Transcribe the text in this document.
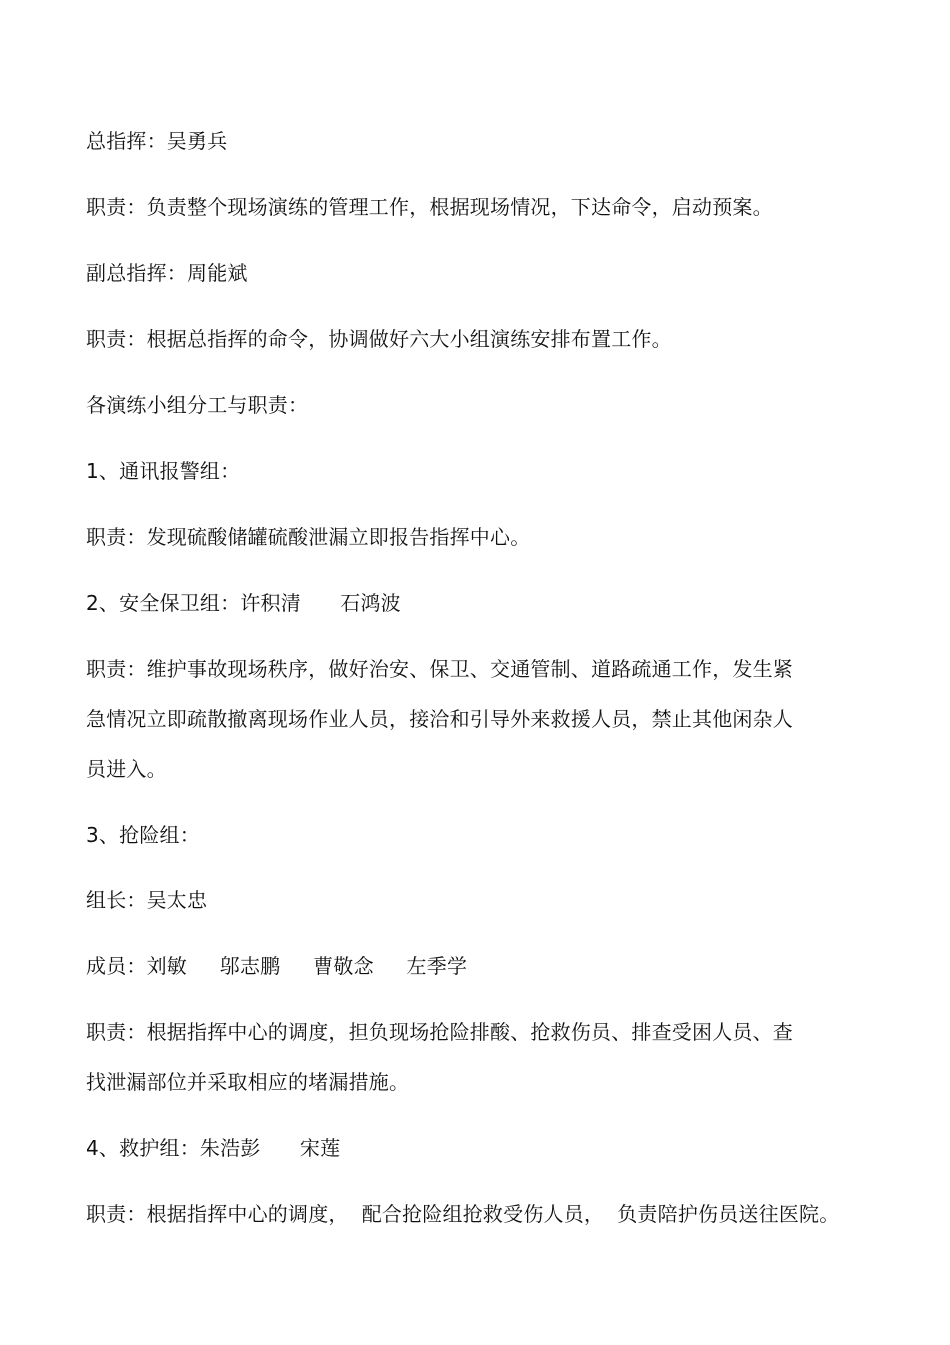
总指挥：吴勇兵
职责：负责整个现场演练的管理工作，根据现场情况，下达命令，启动预案。
副总指挥：周能斌
职责：根据总指挥的命令，协调做好六大小组演练安排布置工作。
各演练小组分工与职责：
1、通讯报警组：
职责：发现硫酸储罐硫酸泄漏立即报告指挥中心。
2、安全保卫组：许积清      石鸿波
职责：维护事故现场秩序，做好治安、保卫、交通管制、道路疏通工作，发生紧
急情况立即疏散撤离现场作业人员，接洽和引导外来救援人员，禁止其他闲杂人
员进入。
3、抢险组：
组长：吴太忠
成员：刘敏     邬志鹏     曹敬念     左季学
职责：根据指挥中心的调度，担负现场抢险排酸、抢救伤员、排查受困人员、查
找泄漏部位并采取相应的堵漏措施。
4、救护组：朱浩彭      宋莲
职责：根据指挥中心的调度，  配合抢险组抢救受伤人员，  负责陪护伤员送往医院。
